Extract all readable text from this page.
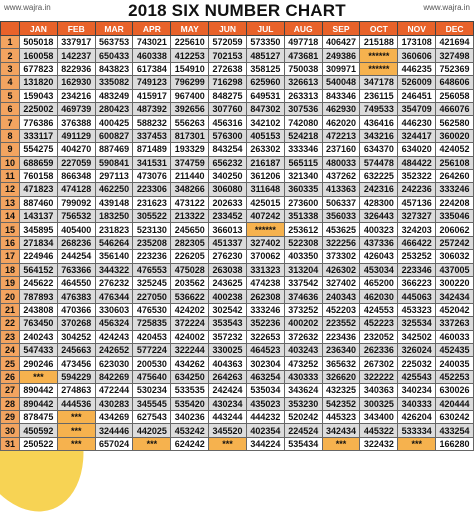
www.wajra.in	2018 SIX NUMBER CHART	www.wajra.in
	JAN	FEB	MAR	APR	MAY	JUN	JUL	AUG	SEP	OCT	NOV	DEC
1	505018	337917	563753	743021	225610	572059	573350	497718	406427	215188	173108	421694
2	160058	142237	650433	460338	412253	702153	485127	473681	249386	******	360606	327498
3	677823	822936	843823	617384	154910	272638	358125	750038	309971	******	446235	752369
4	131820	162930	335082	749123	796299	716298	625960	326613	540048	347178	526009	648606
5	159043	234216	483249	415917	967400	848275	649531	263313	843346	236115	246451	256058
6	225002	469739	280423	487392	392656	307760	847302	307536	462930	749533	354709	466076
7	776386	376388	400425	588232	556263	456316	342102	742080	462020	436416	446230	562580
8	333117	491129	600827	337453	817301	576300	405153	524218	472213	343216	324417	360020
9	554275	404270	887469	871489	193329	843254	263302	333346	237160	634370	634020	424052
10	688659	227059	590841	341531	374759	656232	216187	565115	480033	574478	484422	256108
11	760158	866348	297113	473076	211440	340250	361206	321340	437262	632225	352322	264260
12	471823	474128	462250	223306	348266	306080	311648	360335	413363	242316	242236	333246
13	887460	799092	439148	231623	473122	202633	425015	273600	506337	428300	457136	224208
14	143137	756532	183250	305522	213322	233452	407242	351338	356033	326443	327327	335046
15	345895	405400	231823	523130	245650	366013	******	253612	453625	400323	324203	206062
16	271834	268236	546264	235208	282305	451337	327402	522308	322256	437336	466422	257242
17	224946	244254	356140	223236	226205	276230	370062	403350	373302	426043	253252	306032
18	564152	763366	344322	476553	475028	263038	331323	313204	426302	453034	223346	437005
19	245622	464550	276232	325245	203562	243625	474238	337542	327402	465200	366223	300220
20	787893	476383	476344	227050	536622	400238	262308	374636	240343	462030	445063	342434
21	243808	470366	330603	476530	424202	302542	333246	373252	452203	424553	453323	452042
22	763450	370268	456324	725835	372224	353543	352236	400202	223552	452223	325534	337263
23	240243	304252	424243	420453	424002	357232	322653	372632	223436	232052	342502	460033
24	547433	245663	242652	577224	322244	330025	464523	403243	236340	262336	326024	452435
25	290246	473456	623030	200530	434262	404363	302304	473252	365632	267302	225032	240035
26	***	594229	842269	475640	634250	264263	463254	430333	326620	322222	425543	452253
27	890442	274863	472244	530234	533535	242424	535034	343624	432325	340363	340234	630026
28	890442	444536	430283	345545	535420	430234	435023	353230	542352	300325	340333	420444
29	878475	***	434269	627543	340236	443244	444232	520242	445323	343400	426204	630242
30	450592	***	324446	442025	453242	345520	402354	224524	342434	445322	533334	433254
31	250522	***	657024	***	624242	***	344224	535434	***	322432	***	166280
